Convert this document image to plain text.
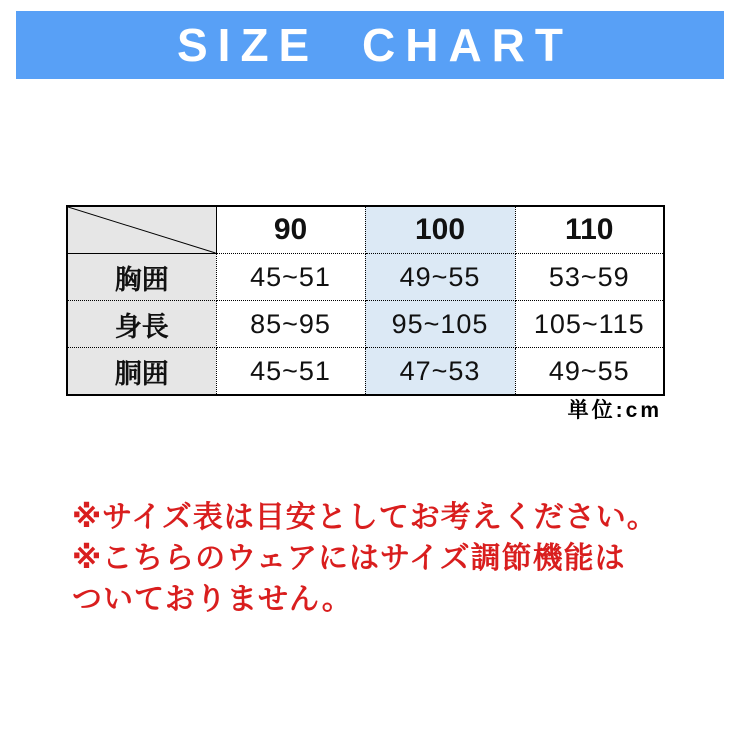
SIZE CHART
	90	100	110
胸囲	45~51	49~55	53~59
身長	85~95	95~105	105~115
胴囲	45~51	47~53	49~55
単位:cm
※サイズ表は目安としてお考えください。
※こちらのウェアにはサイズ調節機能は
ついておりません。
